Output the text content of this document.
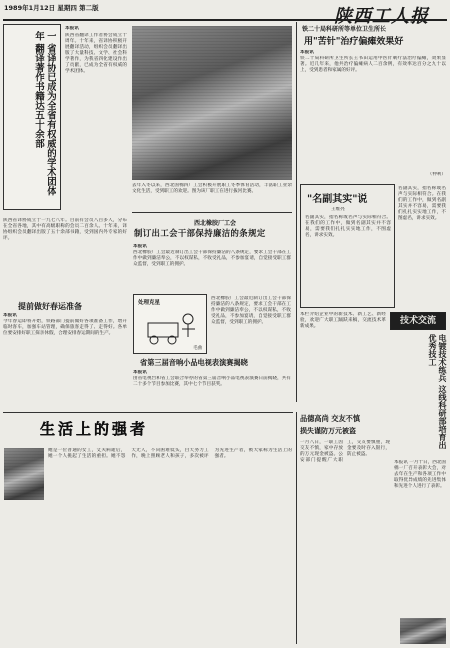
1989年1月12日 星期四 第二版	陕西工人报
一 省译协已成为全省有权威的学术团体 年 翻译著作书籍达五十余部
本报讯
陕西省翻译工作者协会成立十周年。十年来，省译协积极开展翻译活动，组织会员翻译出版了大量科技、文学、社会科学著作，为我省四化建设作出了贡献，已成为全省有权威的学术团体。
陕西省译协成立于一九七八年。目前有会员八百多人，分布在全省各地，其中有高级职称的会员二百余人。十年来，译协组织会员翻译出版了五十余部书籍，受到国内外专家的好评。
提前做好春运准备
本报讯
今年春运即将开始，铁路部门提前做好各项准备工作，增开临时客车，加强车站管理，确保旅客走得了、走得好。各单位要安排好职工探亲休假，合理安排春运期间的生产。
去年入冬以来，西北国棉四厂工会积极开展职工冬季体育活动，丰富职工业余文化生活，受到职工的欢迎。图为该厂职工在进行拔河比赛。
西北橡胶厂工会
制订出工会干部保持廉洁的条规定
本报讯
西北橡胶厂工会最近制订出工会干部保持廉洁的八条规定，要求工会干部在工作中做到廉洁奉公，不以权谋私，不收受礼品，不参加宴请，自觉接受职工群众监督，受到职工的拥护。
处理克星
毛曲
西北橡胶厂工会最近制订出工会干部保持廉洁的八条规定，要求工会干部在工作中做到廉洁奉公，不以权谋私，不收受礼品，不参加宴请，自觉接受职工群众监督，受到职工的拥护。
省第三届音响小品电视表演赛揭晓
本报讯
由省电视台和省工会联合举办的省第三届音响小品电视表演赛日前揭晓，共有二十多个节目参加比赛，其中七个节目获奖。
铁二十局科研所等单位卫生所长
用"苦针"治疗偏瘫效果好
本报讯
铁二十局科研所卫生所长王书田运用中医针刺疗法治疗偏瘫，效果显著。近几年来，他共治疗偏瘫病人二百余例，有效率达百分之九十以上，受到患者和家属的好评。
（仲利）
"名副其实"说
王维亮
名副其实，指名称或名声与实际相符合。在我们的工作中，做到名副其实并不容易，需要我们扎扎实实地工作，不图虚名，讲求实效。
名副其实，指名称或名声与实际相符合。在我们的工作中，做到名副其实并不容易，需要我们扎扎实实地工作，不图虚名，讲求实效。
技术交流
本栏介绍企业中的新技术、新工艺、新经验，欢迎广大职工踊跃来稿，交流技术革新成果。
电镀技术练兵 这线科研部培育出优秀技工
生活上的强者
她是一位普通的女工，丈夫病逝后，她一个人挑起了生活的重担。她不怨天尤人，不向困难低头，白天努力工作，晚上照顾老人和孩子，多次被评为先进生产者，被大家称为生活上的强者。
品德高尚 交友不慎
损失谨防万元被盗
一月八日，一职工因交友不慎，家中存放的万元现金被盗。公安部门提醒广大职工，交友要慎重，现金要及时存入银行，防止被盗。
本报讯 一月十日，西北国棉一厂召开表彰大会，对去年在生产和各项工作中取得优异成绩的先进集体和先进个人进行了表彰。
